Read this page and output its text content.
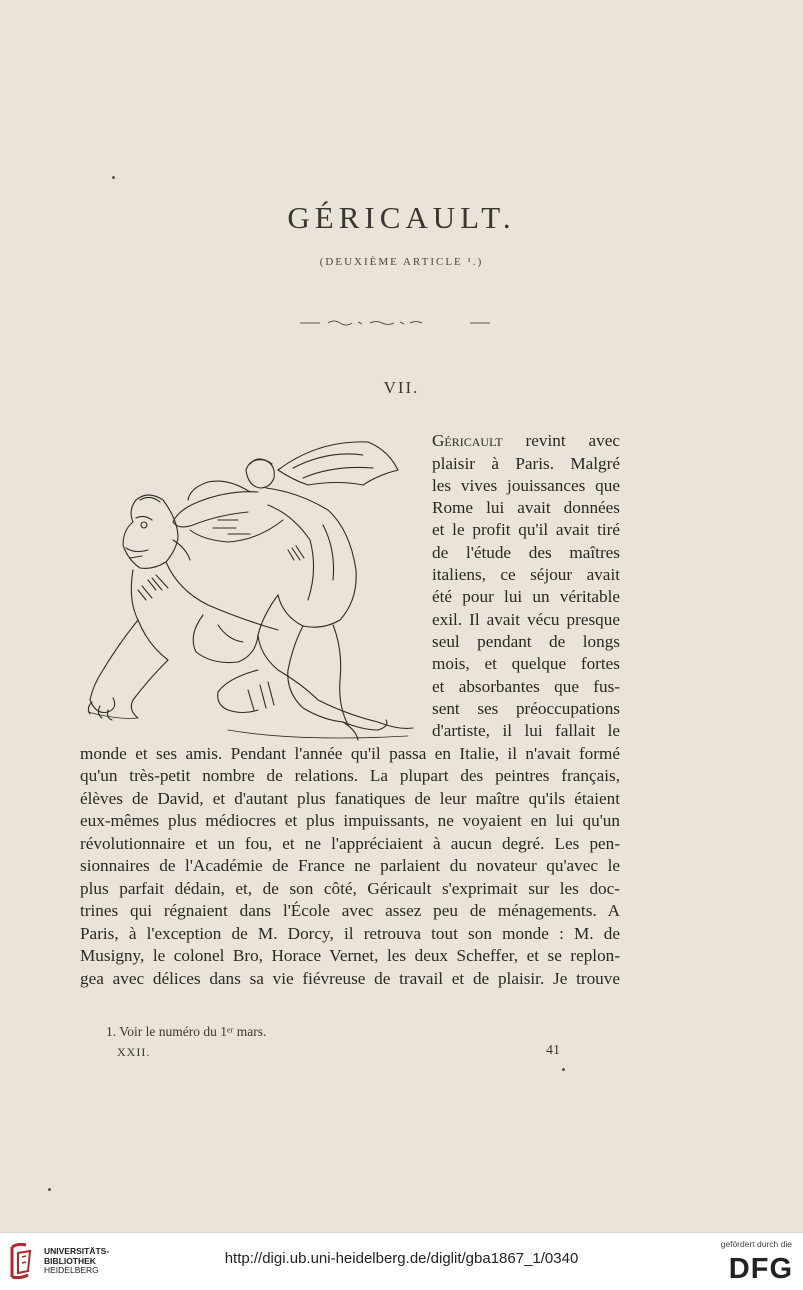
GÉRICAULT.
(DEUXIÈME ARTICLE ¹.)
VII.
Géricault revint avec
plaisir à Paris. Malgré
les vives jouissances que
Rome lui avait données
et le profit qu'il avait tiré
de l'étude des maîtres
italiens, ce séjour avait
été pour lui un véritable
exil. Il avait vécu presque
seul pendant de longs
mois, et quelque fortes
et absorbantes que fus-
sent ses préoccupations
d'artiste, il lui fallait le
monde et ses amis. Pendant l'année qu'il passa en Italie, il n'avait formé
qu'un très-petit nombre de relations. La plupart des peintres français,
élèves de David, et d'autant plus fanatiques de leur maître qu'ils étaient
eux-mêmes plus médiocres et plus impuissants, ne voyaient en lui qu'un
révolutionnaire et un fou, et ne l'appréciaient à aucun degré. Les pen-
sionnaires de l'Académie de France ne parlaient du novateur qu'avec le
plus parfait dédain, et, de son côté, Géricault s'exprimait sur les doc-
trines qui régnaient dans l'École avec assez peu de ménagements. A
Paris, à l'exception de M. Dorcy, il retrouva tout son monde : M. de
Musigny, le colonel Bro, Horace Vernet, les deux Scheffer, et se replon-
gea avec délices dans sa vie fiévreuse de travail et de plaisir. Je trouve
1. Voir le numéro du 1ᵉʳ mars.
XXII.	41
UNIVERSITÄTS-
BIBLIOTHEK
HEIDELBERG
http://digi.ub.uni-heidelberg.de/diglit/gba1867_1/0340
gefördert durch die
DFG
